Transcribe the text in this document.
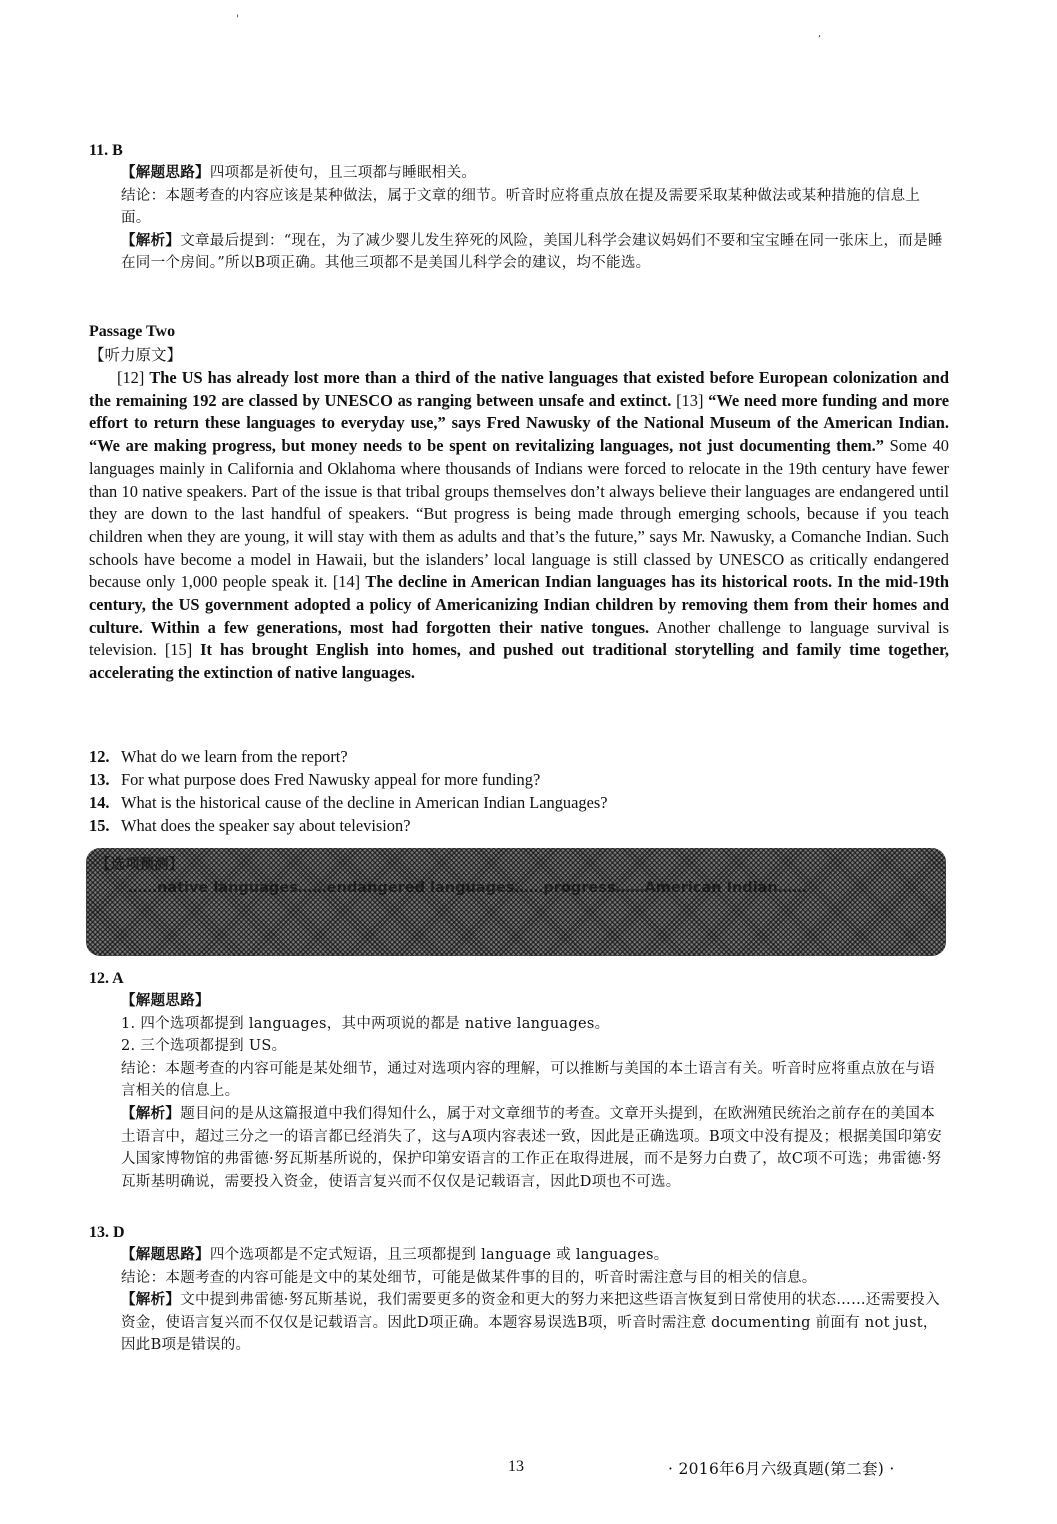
'
,
11. B
【解题思路】四项都是祈使句，且三项都与睡眠相关。
结论：本题考查的内容应该是某种做法，属于文章的细节。听音时应将重点放在提及需要采取某种做法或某种措施的信息上面。
【解析】文章最后提到：“现在，为了减少婴儿发生猝死的风险，美国儿科学会建议妈妈们不要和宝宝睡在同一张床上，而是睡在同一个房间。”所以B项正确。其他三项都不是美国儿科学会的建议，均不能选。
Passage Two
【听力原文】

[12] The US has already lost more than a third of the native languages that existed before European colonization and the remaining 192 are classed by UNESCO as ranging between unsafe and extinct. [13] “We need more funding and more effort to return these languages to everyday use,” says Fred Nawusky of the National Museum of the American Indian. “We are making progress, but money needs to be spent on revitalizing languages, not just documenting them.” Some 40 languages mainly in California and Oklahoma where thousands of Indians were forced to relocate in the 19th century have fewer than 10 native speakers. Part of the issue is that tribal groups themselves don’t always believe their languages are endangered until they are down to the last handful of speakers. “But progress is being made through emerging schools, because if you teach children when they are young, it will stay with them as adults and that’s the future,” says Mr. Nawusky, a Comanche Indian. Such schools have become a model in Hawaii, but the islanders’ local language is still classed by UNESCO as critically endangered because only 1,000 people speak it. [14] The decline in American Indian languages has its historical roots. In the mid-19th century, the US government adopted a policy of Americanizing Indian children by removing them from their homes and culture. Within a few generations, most had forgotten their native tongues. Another challenge to language survival is television. [15] It has brought English into homes, and pushed out traditional storytelling and family time together, accelerating the extinction of native languages.

12. What do we learn from the report?
13. For what purpose does Fred Nawusky appeal for more funding?
14. What is the historical cause of the decline in American Indian Languages?
15. What does the speaker say about television?
【选项预测】
……native languages……endangered languages……progress……American Indian……
12. A
【解题思路】
1. 四个选项都提到 languages，其中两项说的都是 native languages。
2. 三个选项都提到 US。
结论：本题考查的内容可能是某处细节，通过对选项内容的理解，可以推断与美国的本土语言有关。听音时应将重点放在与语言相关的信息上。
【解析】题目问的是从这篇报道中我们得知什么，属于对文章细节的考查。文章开头提到，在欧洲殖民统治之前存在的美国本土语言中，超过三分之一的语言都已经消失了，这与A项内容表述一致，因此是正确选项。B项文中没有提及；根据美国印第安人国家博物馆的弗雷德·努瓦斯基所说的，保护印第安语言的工作正在取得进展，而不是努力白费了，故C项不可选；弗雷德·努瓦斯基明确说，需要投入资金，使语言复兴而不仅仅是记载语言，因此D项也不可选。
13. D
【解题思路】四个选项都是不定式短语，且三项都提到 language 或 languages。
结论：本题考查的内容可能是文中的某处细节，可能是做某件事的目的，听音时需注意与目的相关的信息。
【解析】文中提到弗雷德·努瓦斯基说，我们需要更多的资金和更大的努力来把这些语言恢复到日常使用的状态……还需要投入资金，使语言复兴而不仅仅是记载语言。因此D项正确。本题容易误选B项，听音时需注意 documenting 前面有 not just，因此B项是错误的。
13	· 2016年6月六级真题(第二套) ·
